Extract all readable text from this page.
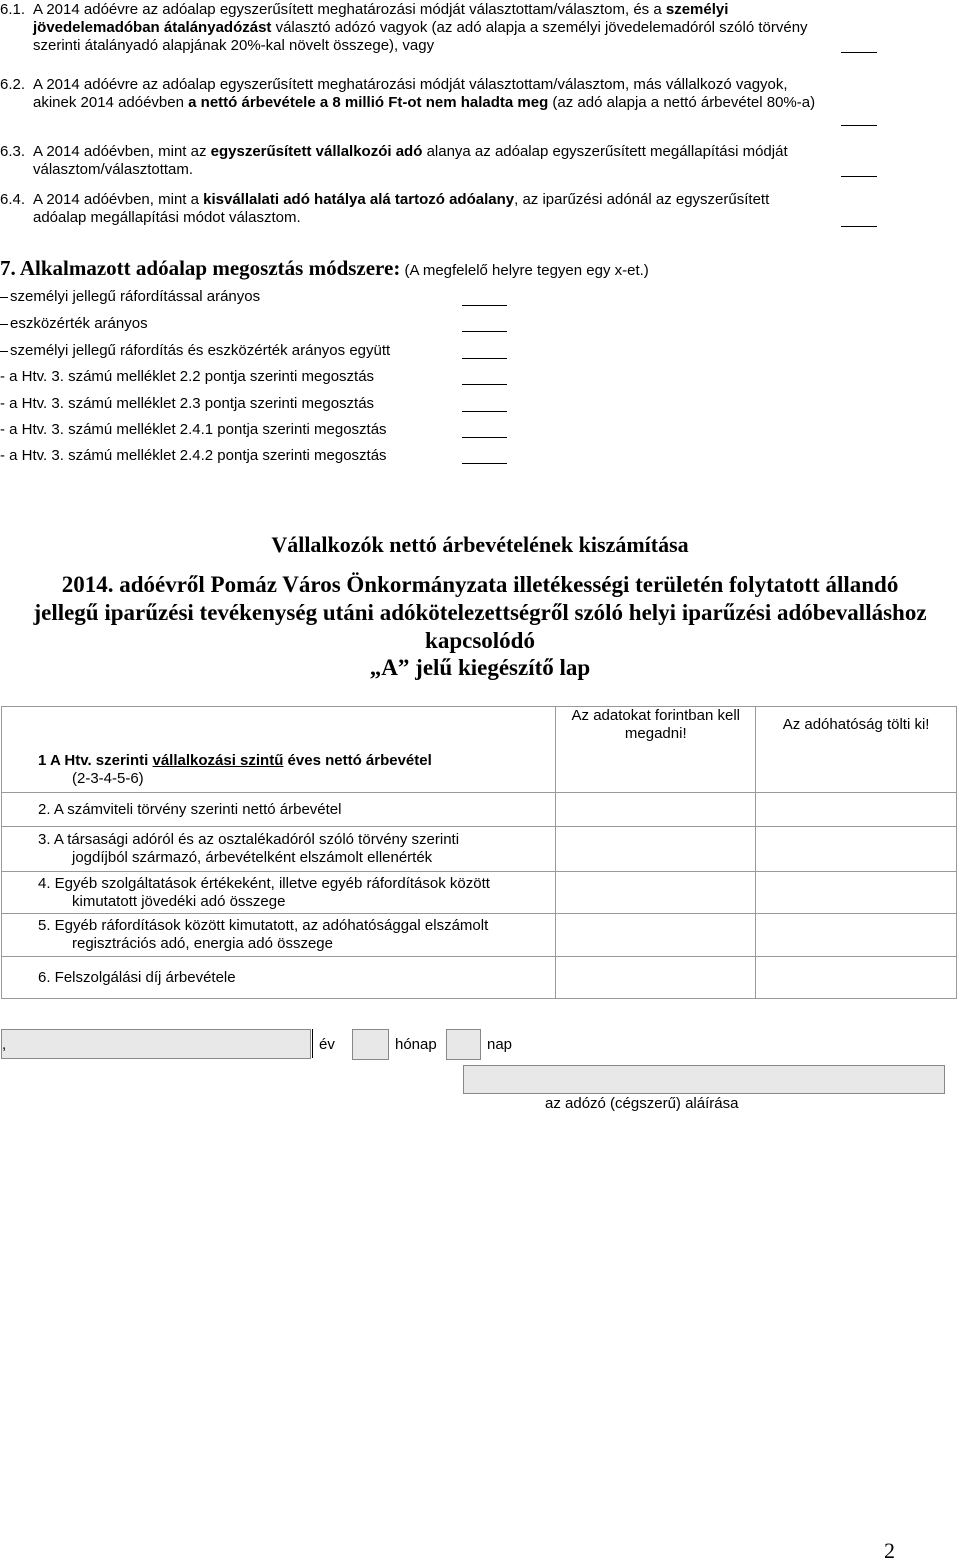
6.1. A 2014 adóévre az adóalap egyszerűsített meghatározási módját választottam/választom, és a személyi
jövedelemadóban átalányadózást választó adózó vagyok (az adó alapja a személyi jövedelemadóról szóló törvény
szerinti átalányadó alapjának 20%-kal növelt összege), vagy
6.2. A 2014 adóévre az adóalap egyszerűsített meghatározási módját választottam/választom, más vállalkozó vagyok,
akinek 2014 adóévben a nettó árbevétele a 8 millió Ft-ot nem haladta meg (az adó alapja a nettó árbevétel 80%-a)
6.3. A 2014 adóévben, mint az egyszerűsített vállalkozói adó alanya az adóalap egyszerűsített megállapítási módját
választom/választottam.
6.4. A 2014 adóévben, mint a kisvállalati adó hatálya alá tartozó adóalany, az iparűzési adónál az egyszerűsített
adóalap megállapítási módot választom.
7. Alkalmazott adóalap megosztás módszere: (A megfelelő helyre tegyen egy x-et.)
személyi jellegű ráfordítással arányos
eszközérték arányos
személyi jellegű ráfordítás és eszközérték arányos együtt
- a Htv. 3. számú melléklet 2.2 pontja szerinti megosztás
- a Htv. 3. számú melléklet 2.3 pontja szerinti megosztás
- a Htv. 3. számú melléklet 2.4.1 pontja szerinti megosztás
- a Htv. 3. számú melléklet 2.4.2 pontja szerinti megosztás
Vállalkozók nettó árbevételének kiszámítása
2014. adóévről Pomáz Város Önkormányzata illetékességi területén folytatott állandó
jellegű iparűzési tevékenység utáni adókötelezettségről szóló helyi iparűzési adóbevalláshoz
kapcsolódó
„A” jelű kiegészítő lap
1 A Htv. szerinti vállalkozási szintű éves nettó árbevétel
(2-3-4-5-6)	Az adatokat forintban kell megadni!	Az adóhatóság tölti ki!

2. A számviteli törvény szerinti nettó árbevétel		

3. A társasági adóról és az osztalékadóról szóló törvény szerinti
jogdíjból származó, árbevételként elszámolt ellenérték		

4. Egyéb szolgáltatások értékeként, illetve egyéb ráfordítások között
kimutatott jövedéki adó összege		

5. Egyéb ráfordítások között kimutatott, az adóhatósággal elszámolt
regisztrációs adó, energia adó összege		

6. Felszolgálási díj árbevétele		

,	év	hónap	nap
az adózó (cégszerű) aláírása
2
